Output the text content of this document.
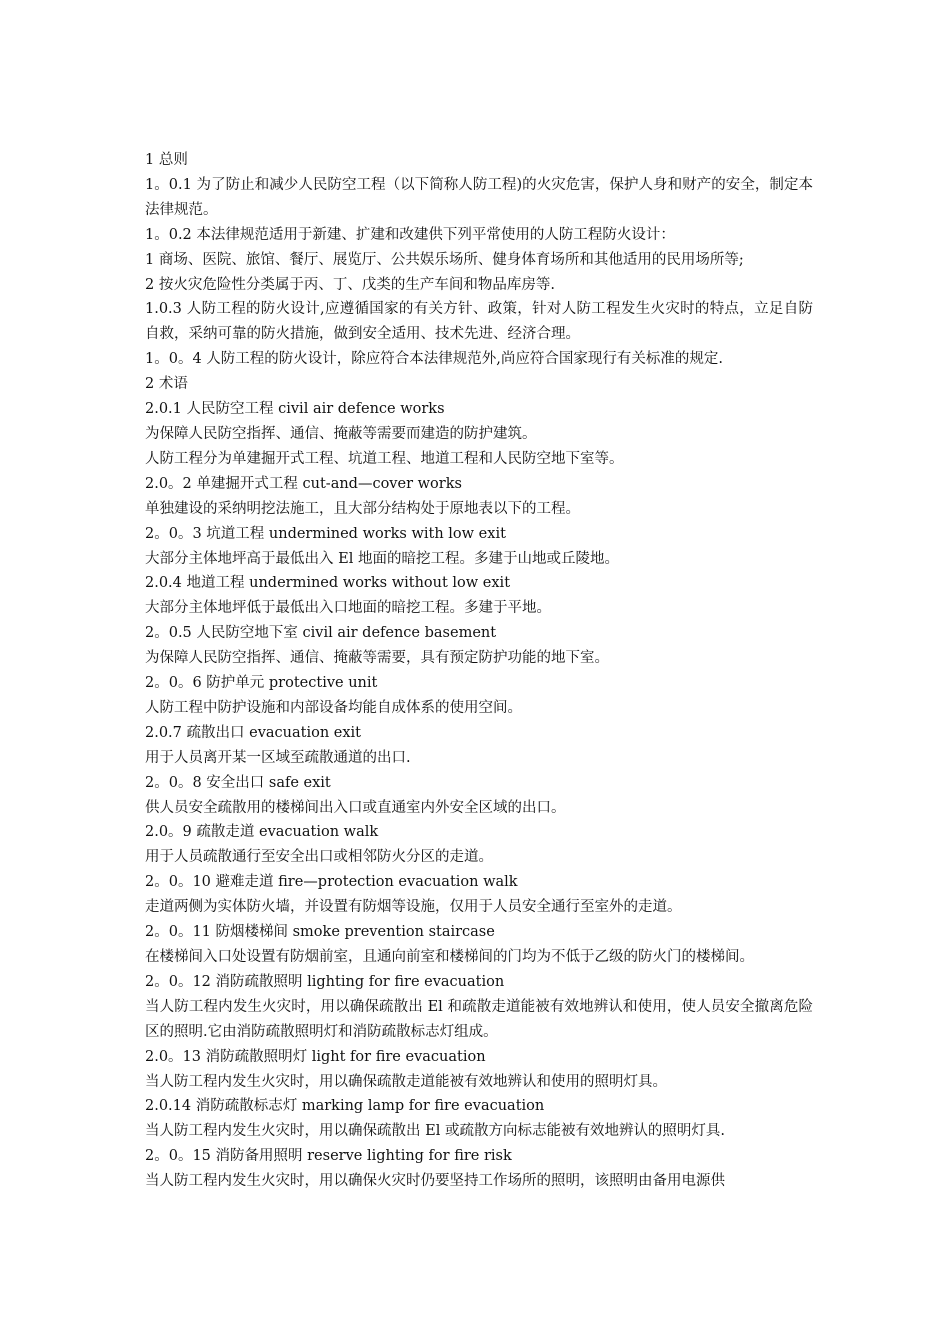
1 总则

1。0.1 为了防止和减少人民防空工程（以下简称人防工程)的火灾危害，保护人身和财产的安全，制定本法律规范。

1。0.2 本法律规范适用于新建、扩建和改建供下列平常使用的人防工程防火设计：

1 商场、医院、旅馆、餐厅、展览厅、公共娱乐场所、健身体育场所和其他适用的民用场所等;

2 按火灾危险性分类属于丙、丁、戊类的生产车间和物品库房等.

1.0.3 人防工程的防火设计,应遵循国家的有关方针、政策，针对人防工程发生火灾时的特点，立足自防自救，采纳可靠的防火措施，做到安全适用、技术先进、经济合理。

1。0。4 人防工程的防火设计，除应符合本法律规范外,尚应符合国家现行有关标准的规定.

2 术语

2.0.1 人民防空工程 civil air defence works

为保障人民防空指挥、通信、掩蔽等需要而建造的防护建筑。

人防工程分为单建掘开式工程、坑道工程、地道工程和人民防空地下室等。

2.0。2 单建掘开式工程 cut-and—cover works

单独建设的采纳明挖法施工，且大部分结构处于原地表以下的工程。

2。0。3 坑道工程 undermined works with low exit

大部分主体地坪高于最低出入 El 地面的暗挖工程。多建于山地或丘陵地。

2.0.4 地道工程 undermined works without low exit

大部分主体地坪低于最低出入口地面的暗挖工程。多建于平地。

2。0.5 人民防空地下室 civil air defence basement

为保障人民防空指挥、通信、掩蔽等需要，具有预定防护功能的地下室。

2。0。6 防护单元 protective unit

人防工程中防护设施和内部设备均能自成体系的使用空间。

2.0.7 疏散出口 evacuation exit

用于人员离开某一区域至疏散通道的出口.

2。0。8 安全出口 safe exit

供人员安全疏散用的楼梯间出入口或直通室内外安全区域的出口。

2.0。9 疏散走道 evacuation walk

用于人员疏散通行至安全出口或相邻防火分区的走道。

2。0。10 避难走道 fire—protection evacuation walk

走道两侧为实体防火墙，并设置有防烟等设施，仅用于人员安全通行至室外的走道。

2。0。11 防烟楼梯间 smoke prevention staircase

在楼梯间入口处设置有防烟前室，且通向前室和楼梯间的门均为不低于乙级的防火门的楼梯间。

2。0。12 消防疏散照明 lighting for fire evacuation

当人防工程内发生火灾时，用以确保疏散出 El 和疏散走道能被有效地辨认和使用，使人员安全撤离危险区的照明.它由消防疏散照明灯和消防疏散标志灯组成。

2.0。13 消防疏散照明灯 light for fire evacuation

当人防工程内发生火灾时，用以确保疏散走道能被有效地辨认和使用的照明灯具。

2.0.14 消防疏散标志灯 marking lamp for fire evacuation

当人防工程内发生火灾时，用以确保疏散出 El 或疏散方向标志能被有效地辨认的照明灯具.

2。0。15 消防备用照明 reserve lighting for fire risk

当人防工程内发生火灾时，用以确保火灾时仍要坚持工作场所的照明，该照明由备用电源供
